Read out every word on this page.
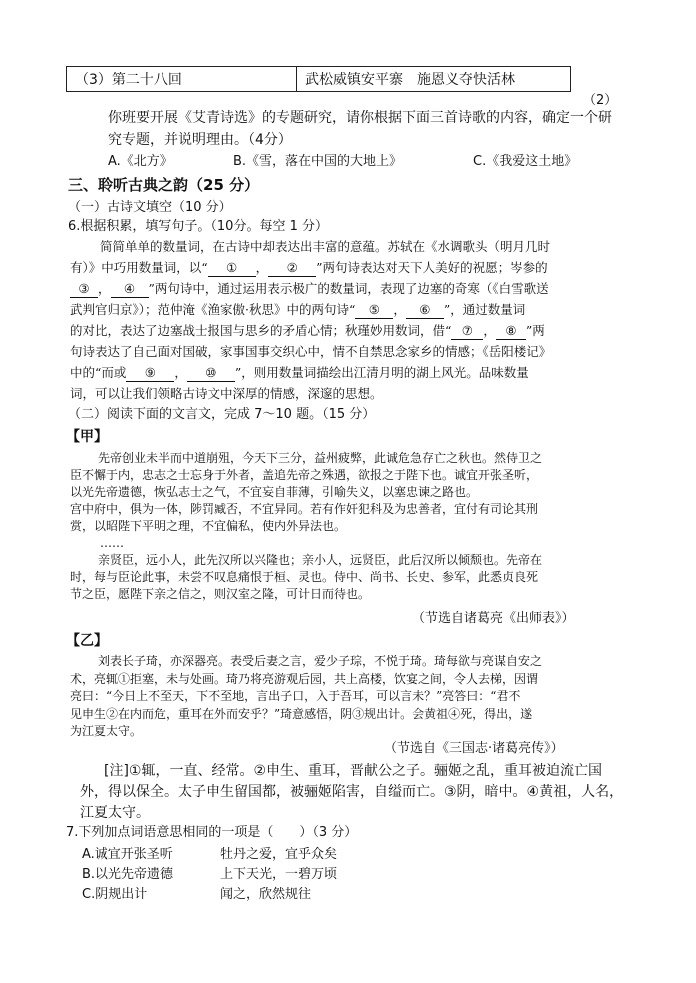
（3）第二十八回	武松威镇安平寨　施恩义夺快活林
（2）
你班要开展《艾青诗选》的专题研究，请你根据下面三首诗歌的内容，确定一个研
究专题，并说明理由。（4分）
A.《北方》	B.《雪，落在中国的大地上》	C.《我爱这土地》
三、聆听古典之韵（25 分）
（一）古诗文填空（10 分）
6.根据积累，填写句子。（10分。每空 1 分）
简简单单的数量词，在古诗中却表达出丰富的意蕴。苏轼在《水调歌头（明月几时
有）》中巧用数量词，以“ ① ， ② ”两句诗表达对天下人美好的祝愿；岑参的
③ ， ④ ”两句诗中，通过运用表示极广的数量词，表现了边塞的奇寒（《白雪歌送
武判官归京》）；范仲淹《渔家傲·秋思》中的两句诗“ ⑤ ， ⑥ ”，通过数量词
的对比，表达了边塞战士报国与思乡的矛盾心情；秋瑾妙用数词，借“ ⑦ ， ⑧ ”两
句诗表达了自己面对国破，家事国事交织心中，情不自禁思念家乡的情感；《岳阳楼记》
中的“而或 ⑨ ， ⑩ ”，则用数量词描绘出江清月明的湖上风光。品味数量
词，可以让我们领略古诗文中深厚的情感，深邃的思想。
（二）阅读下面的文言文，完成 7～10 题。（15 分）
【甲】
先帝创业未半而中道崩殂，今天下三分，益州疲弊，此诚危急存亡之秋也。然侍卫之
臣不懈于内，忠志之士忘身于外者，盖追先帝之殊遇，欲报之于陛下也。诚宜开张圣听，
以光先帝遗德，恢弘志士之气，不宜妄自菲薄，引喻失义，以塞忠谏之路也。
宫中府中，俱为一体，陟罚臧否，不宜异同。若有作奸犯科及为忠善者，宜付有司论其刑
赏，以昭陛下平明之理，不宜偏私，使内外异法也。
……
亲贤臣，远小人，此先汉所以兴隆也；亲小人，远贤臣，此后汉所以倾颓也。先帝在
时，每与臣论此事，未尝不叹息痛恨于桓、灵也。侍中、尚书、长史、参军，此悉贞良死
节之臣，愿陛下亲之信之，则汉室之隆，可计日而待也。
（节选自诸葛亮《出师表》）
【乙】
刘表长子琦，亦深器亮。表受后妻之言，爱少子琮，不悦于琦。琦每欲与亮谋自安之
术，亮辄①拒塞，未与处画。琦乃将亮游观后园，共上高楼，饮宴之间，令人去梯，因谓
亮曰：“今日上不至天，下不至地，言出子口，入于吾耳，可以言未？”亮答曰：“君不
见申生②在内而危，重耳在外而安乎？”琦意感悟，阴③规出计。会黄祖④死，得出，遂
为江夏太守。
（节选自《三国志·诸葛亮传》）
[注]①辄，一直、经常。②申生、重耳，晋献公之子。骊姬之乱，重耳被迫流亡国
外，得以保全。太子申生留国都，被骊姬陷害，自缢而亡。③阴，暗中。④黄祖，人名，
江夏太守。
7.下列加点词语意思相同的一项是（　　）（3 分）
A.诚宜开张圣听	牡丹之爱，宜乎众矣
B.以光先帝遗德	上下天光，一碧万顷
C.阴规出计	闻之，欣然规往
